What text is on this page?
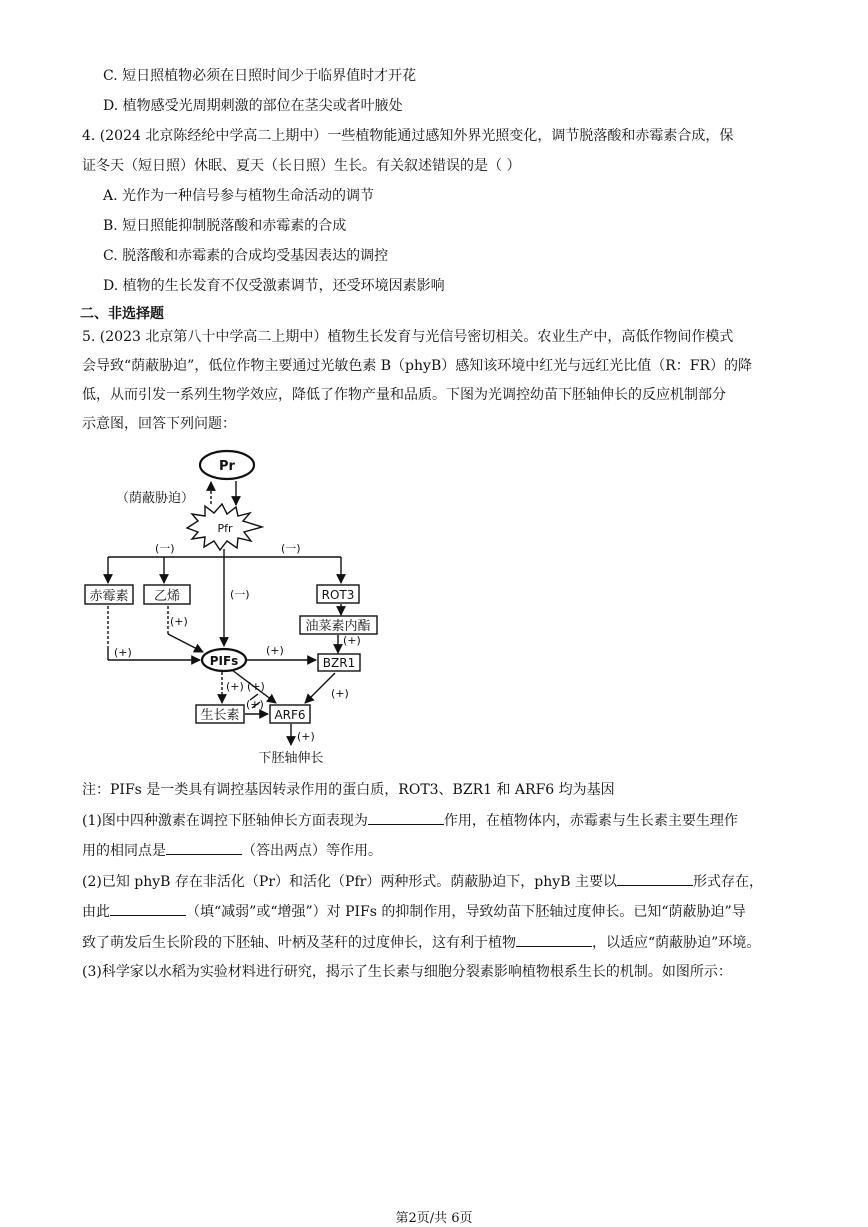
C. 短日照植物必须在日照时间少于临界值时才开花
D. 植物感受光周期刺激的部位在茎尖或者叶腋处
4. (2024 北京陈经纶中学高二上期中）一些植物能通过感知外界光照变化，调节脱落酸和赤霉素合成，保
证冬天（短日照）休眠、夏天（长日照）生长。有关叙述错误的是（ ）
A. 光作为一种信号参与植物生命活动的调节
B. 短日照能抑制脱落酸和赤霉素的合成
C. 脱落酸和赤霉素的合成均受基因表达的调控
D. 植物的生长发育不仅受激素调节，还受环境因素影响
二、非选择题
5. (2023 北京第八十中学高二上期中）植物生长发育与光信号密切相关。农业生产中，高低作物间作模式
会导致“荫蔽胁迫”，低位作物主要通过光敏色素 B（phyB）感知该环境中红光与远红光比值（R：FR）的降
低，从而引发一系列生物学效应，降低了作物产量和品质。下图为光调控幼苗下胚轴伸长的反应机制部分
示意图，回答下列问题：
Pr
Pfr
（荫蔽胁迫）
(一)	(一)
(一)
赤霉素 乙烯	ROT3
油菜素内酯
PIFs	BZR1
生长素	ARF6
下胚轴伸长
(+)
(+)	(+)
(+)
(+) (+)
(+)
(+)
(+)
注：PIFs 是一类具有调控基因转录作用的蛋白质，ROT3、BZR1 和 ARF6 均为基因
(1)图中四种激素在调控下胚轴伸长方面表现为	作用，在植物体内，赤霉素与生长素主要生理作
用的相同点是	（答出两点）等作用。
(2)已知 phyB 存在非活化（Pr）和活化（Pfr）两种形式。荫蔽胁迫下，phyB 主要以	形式存在，
由此	（填“减弱”或“增强”）对 PIFs 的抑制作用，导致幼苗下胚轴过度伸长。已知“荫蔽胁迫”导
致了萌发后生长阶段的下胚轴、叶柄及茎秆的过度伸长，这有利于植物	，以适应“荫蔽胁迫”环境。
(3)科学家以水稻为实验材料进行研究，揭示了生长素与细胞分裂素影响植物根系生长的机制。如图所示：
第2页/共 6页
